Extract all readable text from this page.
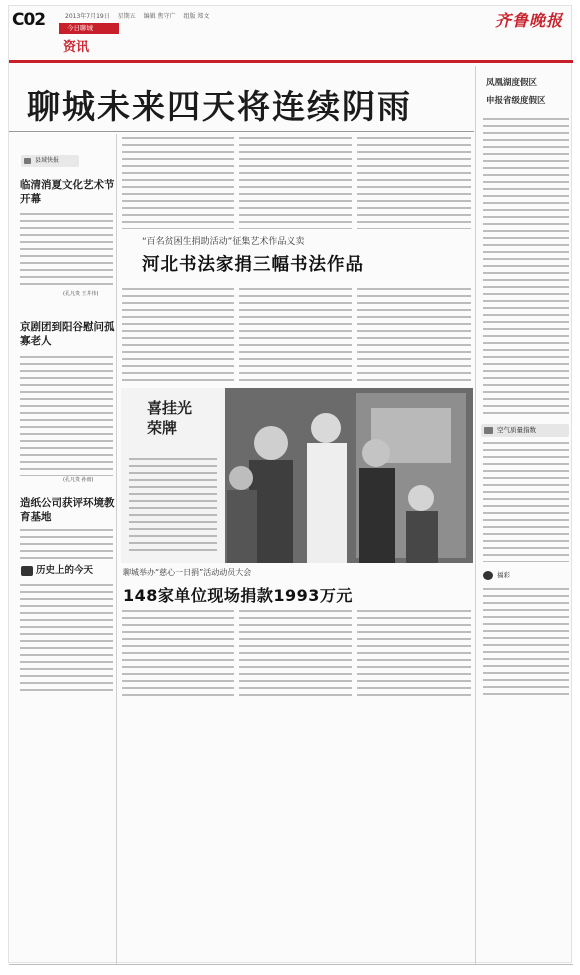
C02	2013年7月19日 星期五 编辑 焦守广 组版 郑文	齐鲁晚报
今日聊城
资讯
聊城未来四天将连续阴雨
县域快报
临清消夏文化艺术节开幕
(孔凡贵 王井伟)
京剧团到阳谷慰问孤寡老人
(孔凡贵 孙雨)
造纸公司获评环境教育基地
历史上的今天
“百名贫困生捐助活动”征集艺术作品义卖
河北书法家捐三幅书法作品
喜挂光荣牌
聊城举办“慈心一日捐”活动动员大会
148家单位现场捐款1993万元
凤凰湖度假区
申报省级度假区
空气质量指数
福彩
